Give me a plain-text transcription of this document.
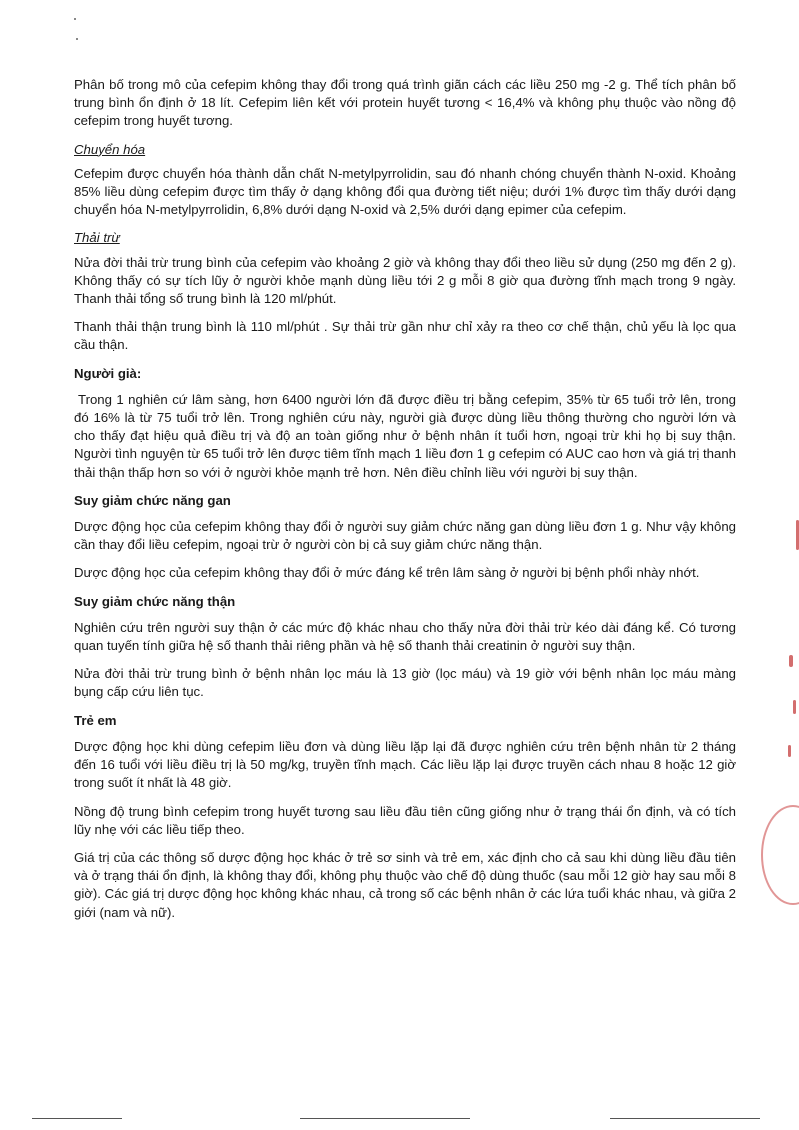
Phân bố trong mô của cefepim không thay đổi trong quá trình giãn cách các liều 250 mg -2 g. Thể tích phân bố trung bình ổn định ở 18 lít. Cefepim liên kết với protein huyết tương < 16,4% và không phụ thuộc vào nồng độ cefepim trong huyết tương.

Chuyển hóa

Cefepim được chuyển hóa thành dẫn chất N-metylpyrrolidin, sau đó nhanh chóng chuyển thành N-oxid. Khoảng 85% liều dùng cefepim được tìm thấy ở dạng không đổi qua đường tiết niệu; dưới 1% được tìm thấy dưới dạng chuyển hóa N-metylpyrrolidin, 6,8% dưới dạng N-oxid và 2,5% dưới dạng epimer của cefepim.

Thải trừ

Nửa đời thải trừ trung bình của cefepim vào khoảng 2 giờ và không thay đổi theo liều sử dụng (250 mg đến 2 g). Không thấy có sự tích lũy ở người khỏe mạnh dùng liều tới 2 g mỗi 8 giờ qua đường tĩnh mạch trong 9 ngày. Thanh thải tổng số trung bình là 120 ml/phút.

Thanh thải thận trung bình là 110 ml/phút . Sự thải trừ gần như chỉ xảy ra theo cơ chế thận, chủ yếu là lọc qua cầu thận.

Người già:

Trong 1 nghiên cứ lâm sàng, hơn 6400 người lớn đã được điều trị bằng cefepim, 35% từ 65 tuổi trở lên, trong đó 16% là từ 75 tuổi trở lên. Trong nghiên cứu này, người già được dùng liều thông thường cho người lớn và cho thấy đạt hiệu quả điều trị và độ an toàn giống như ở bệnh nhân ít tuổi hơn, ngoại trừ khi họ bị suy thận. Người tình nguyện từ 65 tuổi trở lên được tiêm tĩnh mạch 1 liều đơn 1 g cefepim có AUC cao hơn và giá trị thanh thải thận thấp hơn so với ở người khỏe mạnh trẻ hơn. Nên điều chỉnh liều với người bị suy thận.

Suy giảm chức năng gan

Dược động học của cefepim không thay đổi ở người suy giảm chức năng gan dùng liều đơn 1 g. Như vậy không cần thay đổi liều cefepim, ngoại trừ ở người còn bị cả suy giảm chức năng thận.

Dược động học của cefepim không thay đổi ở mức đáng kể trên lâm sàng ở người bị bệnh phổi nhày nhớt.

Suy giảm chức năng thận

Nghiên cứu trên người suy thận ở các mức độ khác nhau cho thấy nửa đời thải trừ kéo dài đáng kể. Có tương quan tuyến tính giữa hệ số thanh thải riêng phần và hệ số thanh thải creatinin ở người suy thận.

Nửa đời thải trừ trung bình ở bệnh nhân lọc máu là 13 giờ (lọc máu) và 19 giờ với bệnh nhân lọc máu màng bụng cấp cứu liên tục.

Trẻ em

Dược động học khi dùng cefepim liều đơn và dùng liều lặp lại đã được nghiên cứu trên bệnh nhân từ 2 tháng đến 16 tuổi với liều điều trị là 50 mg/kg, truyền tĩnh mạch. Các liều lặp lại được truyền cách nhau 8 hoặc 12 giờ trong suốt ít nhất là 48 giờ.

Nồng độ trung bình cefepim trong huyết tương sau liều đầu tiên cũng giống như ở trạng thái ổn định, và có tích lũy nhẹ với các liều tiếp theo.

Giá trị của các thông số dược động học khác ở trẻ sơ sinh và trẻ em, xác định cho cả sau khi dùng liều đầu tiên và ở trạng thái ổn định, là không thay đổi, không phụ thuộc vào chế độ dùng thuốc (sau mỗi 12 giờ hay sau mỗi 8 giờ). Các giá trị dược động học không khác nhau, cả trong số các bệnh nhân ở các lứa tuổi khác nhau, và giữa 2 giới (nam và nữ).
